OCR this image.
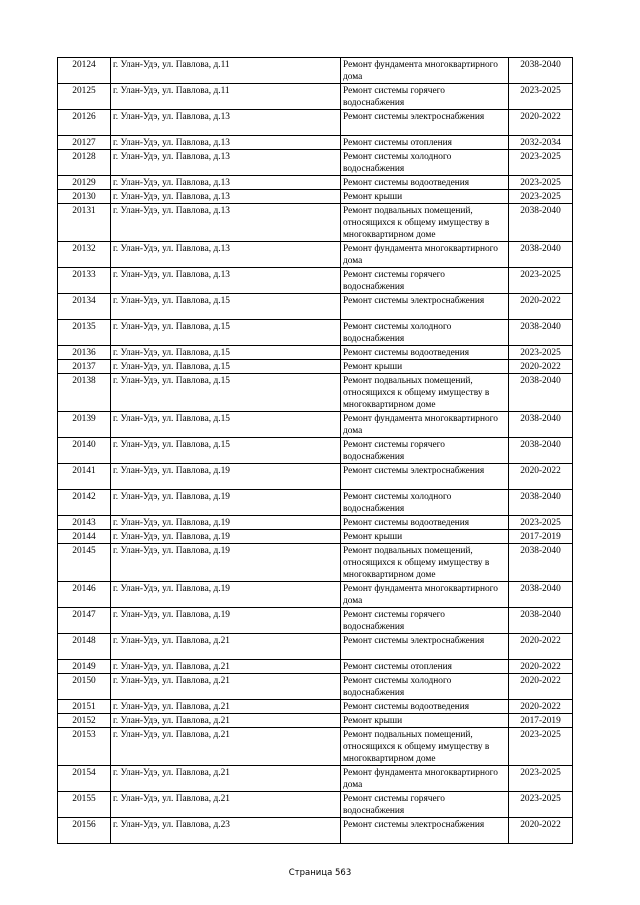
20124	г. Улан-Удэ, ул. Павлова, д.11	Ремонт фундамента многоквартирного дома	2038-2040
20125	г. Улан-Удэ, ул. Павлова, д.11	Ремонт системы горячего водоснабжения	2023-2025
20126	г. Улан-Удэ, ул. Павлова, д.13	Ремонт системы электроснабжения	2020-2022
20127	г. Улан-Удэ, ул. Павлова, д.13	Ремонт системы отопления	2032-2034
20128	г. Улан-Удэ, ул. Павлова, д.13	Ремонт системы холодного водоснабжения	2023-2025
20129	г. Улан-Удэ, ул. Павлова, д.13	Ремонт системы водоотведения	2023-2025
20130	г. Улан-Удэ, ул. Павлова, д.13	Ремонт крыши	2023-2025
20131	г. Улан-Удэ, ул. Павлова, д.13	Ремонт подвальных помещений, относящихся к общему имуществу в многоквартирном доме	2038-2040
20132	г. Улан-Удэ, ул. Павлова, д.13	Ремонт фундамента многоквартирного дома	2038-2040
20133	г. Улан-Удэ, ул. Павлова, д.13	Ремонт системы горячего водоснабжения	2023-2025
20134	г. Улан-Удэ, ул. Павлова, д.15	Ремонт системы электроснабжения	2020-2022
20135	г. Улан-Удэ, ул. Павлова, д.15	Ремонт системы холодного водоснабжения	2038-2040
20136	г. Улан-Удэ, ул. Павлова, д.15	Ремонт системы водоотведения	2023-2025
20137	г. Улан-Удэ, ул. Павлова, д.15	Ремонт крыши	2020-2022
20138	г. Улан-Удэ, ул. Павлова, д.15	Ремонт подвальных помещений, относящихся к общему имуществу в многоквартирном доме	2038-2040
20139	г. Улан-Удэ, ул. Павлова, д.15	Ремонт фундамента многоквартирного дома	2038-2040
20140	г. Улан-Удэ, ул. Павлова, д.15	Ремонт системы горячего водоснабжения	2038-2040
20141	г. Улан-Удэ, ул. Павлова, д.19	Ремонт системы электроснабжения	2020-2022
20142	г. Улан-Удэ, ул. Павлова, д.19	Ремонт системы холодного водоснабжения	2038-2040
20143	г. Улан-Удэ, ул. Павлова, д.19	Ремонт системы водоотведения	2023-2025
20144	г. Улан-Удэ, ул. Павлова, д.19	Ремонт крыши	2017-2019
20145	г. Улан-Удэ, ул. Павлова, д.19	Ремонт подвальных помещений, относящихся к общему имуществу в многоквартирном доме	2038-2040
20146	г. Улан-Удэ, ул. Павлова, д.19	Ремонт фундамента многоквартирного дома	2038-2040
20147	г. Улан-Удэ, ул. Павлова, д.19	Ремонт системы горячего водоснабжения	2038-2040
20148	г. Улан-Удэ, ул. Павлова, д.21	Ремонт системы электроснабжения	2020-2022
20149	г. Улан-Удэ, ул. Павлова, д.21	Ремонт системы отопления	2020-2022
20150	г. Улан-Удэ, ул. Павлова, д.21	Ремонт системы холодного водоснабжения	2020-2022
20151	г. Улан-Удэ, ул. Павлова, д.21	Ремонт системы водоотведения	2020-2022
20152	г. Улан-Удэ, ул. Павлова, д.21	Ремонт крыши	2017-2019
20153	г. Улан-Удэ, ул. Павлова, д.21	Ремонт подвальных помещений, относящихся к общему имуществу в многоквартирном доме	2023-2025
20154	г. Улан-Удэ, ул. Павлова, д.21	Ремонт фундамента многоквартирного дома	2023-2025
20155	г. Улан-Удэ, ул. Павлова, д.21	Ремонт системы горячего водоснабжения	2023-2025
20156	г. Улан-Удэ, ул. Павлова, д.23	Ремонт системы электроснабжения	2020-2022
Страница 563
